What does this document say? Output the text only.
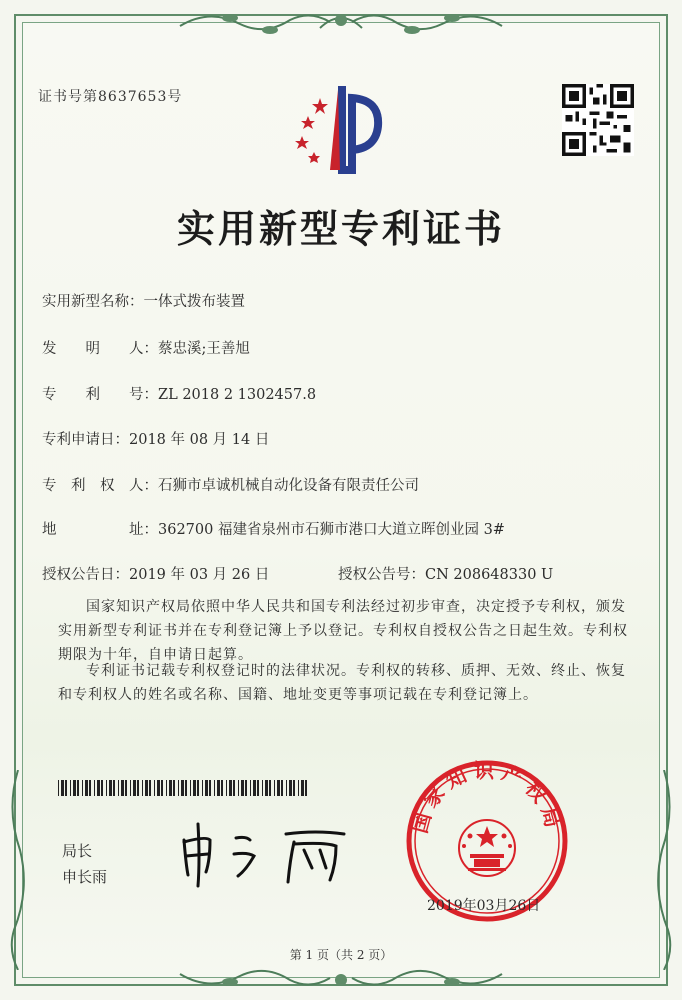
证书号第8637653号
实用新型专利证书
实用新型名称：一体式拨布装置
发　　明　　人：蔡忠溪;王善旭
专　　利　　号：ZL 2018 2 1302457.8
专利申请日：2018 年 08 月 14 日
专　利　权　人：石狮市卓诚机械自动化设备有限责任公司
地　　　　　址：362700 福建省泉州市石狮市港口大道立晖创业园 3#
授权公告日：2019 年 03 月 26 日	授权公告号：CN 208648330 U
国家知识产权局依照中华人民共和国专利法经过初步审查，决定授予专利权，颁发实用新型专利证书并在专利登记簿上予以登记。专利权自授权公告之日起生效。专利权期限为十年，自申请日起算。
专利证书记载专利权登记时的法律状况。专利权的转移、质押、无效、终止、恢复和专利权人的姓名或名称、国籍、地址变更等事项记载在专利登记簿上。
局长
申长雨
国家知识产权局
2019年03月26日
第 1 页（共 2 页）
